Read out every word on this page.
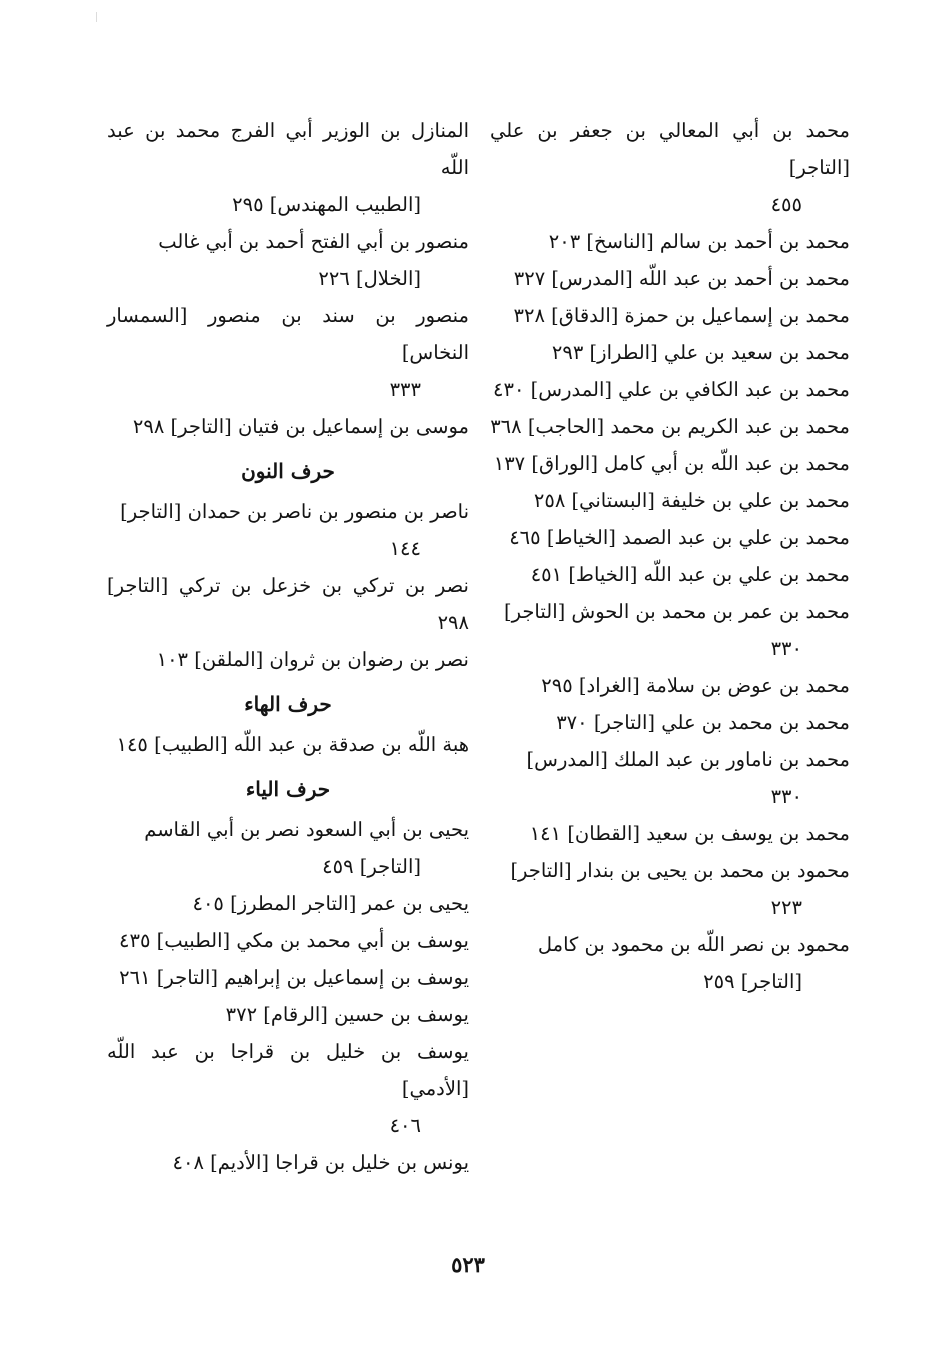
محمد بن أبي المعالي بن جعفر بن علي [التاجر]
٤٥٥

محمد بن أحمد بن سالم [الناسخ] ٢٠٣

محمد بن أحمد بن عبد اللّه [المدرس] ٣٢٧

محمد بن إسماعيل بن حمزة [الدقاق] ٣٢٨

محمد بن سعيد بن علي [الطراز] ٢٩٣

محمد بن عبد الكافي بن علي [المدرس] ٤٣٠

محمد بن عبد الكريم بن محمد [الحاجب] ٣٦٨

محمد بن عبد اللّه بن أبي كامل [الوراق] ١٣٧

محمد بن علي بن خليفة [البستاني] ٢٥٨

محمد بن علي بن عبد الصمد [الخياط] ٤٦٥

محمد بن علي بن عبد اللّه [الخياط] ٤٥١

محمد بن عمر بن محمد بن الحوش [التاجر]
٣٣٠

محمد بن عوض بن سلامة [الغراد] ٢٩٥

محمد بن محمد بن علي [التاجر] ٣٧٠

محمد بن ناماور بن عبد الملك [المدرس]
٣٣٠

محمد بن يوسف بن سعيد [القطان] ١٤١

محمود بن محمد بن يحيى بن بندار [التاجر]
٢٢٣

محمود بن نصر اللّه بن محمود بن كامل
[التاجر] ٢٥٩

المنازل بن الوزير أبي الفرج محمد بن عبد اللّه
[الطبيب المهندس] ٢٩٥

منصور بن أبي الفتح أحمد بن أبي غالب
[الخلال] ٢٢٦

منصور بن سند بن منصور [السمسار النخاس]
٣٣٣

موسى بن إسماعيل بن فتيان [التاجر] ٢٩٨

حرف النون

ناصر بن منصور بن ناصر بن حمدان [التاجر]
١٤٤

نصر بن تركي بن خزعل بن تركي [التاجر] ٢٩٨

نصر بن رضوان بن ثروان [الملقن] ١٠٣

حرف الهاء

هبة اللّه بن صدقة بن عبد اللّه [الطبيب] ١٤٥

حرف الياء

يحيى بن أبي السعود نصر بن أبي القاسم
[التاجر] ٤٥٩

يحيى بن عمر [التاجر المطرز] ٤٠٥

يوسف بن أبي محمد بن مكي [الطبيب] ٤٣٥

يوسف بن إسماعيل بن إبراهيم [التاجر] ٢٦١

يوسف بن حسين [الرقام] ٣٧٢

يوسف بن خليل بن قراجا بن عبد اللّه [الأدمي]
٤٠٦

يونس بن خليل بن قراجا [الأديم] ٤٠٨

٥٢٣
